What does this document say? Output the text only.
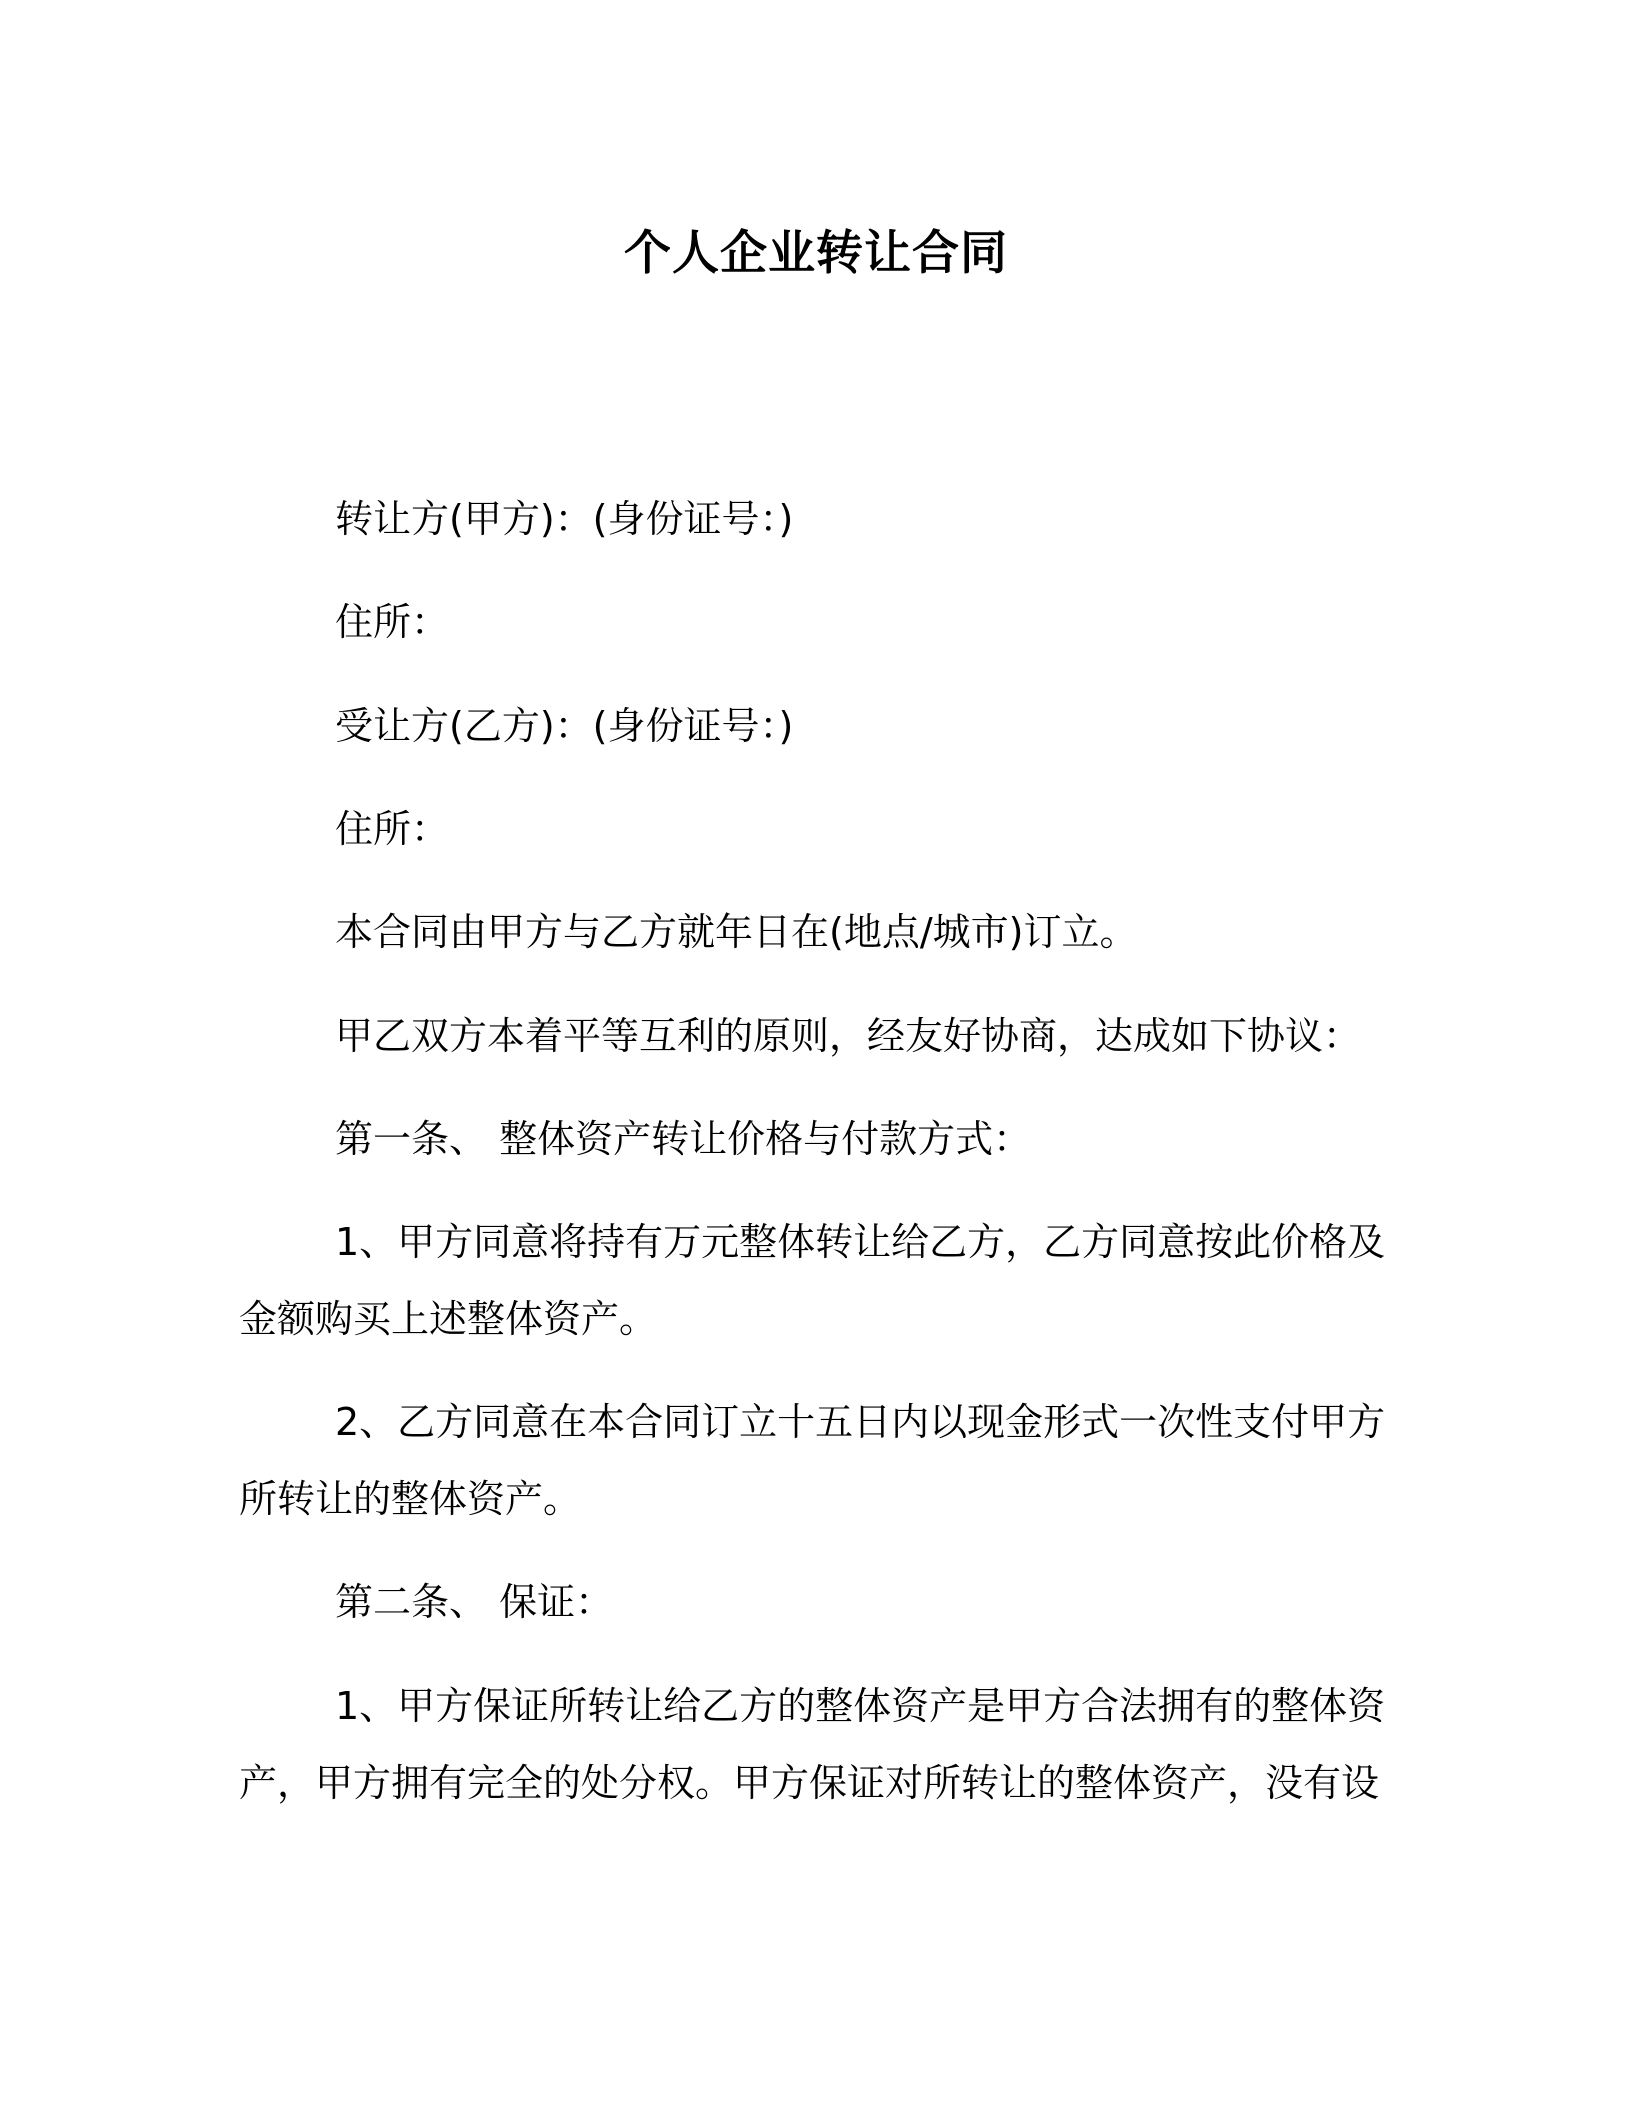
个人企业转让合同

转让方(甲方)：(身份证号：)

住所：

受让方(乙方)：(身份证号：)

住所：

本合同由甲方与乙方就年日在(地点/城市)订立。

甲乙双方本着平等互利的原则，经友好协商，达成如下协议：

第一条、 整体资产转让价格与付款方式：

1、甲方同意将持有万元整体转让给乙方，乙方同意按此价格及

金额购买上述整体资产。

2、乙方同意在本合同订立十五日内以现金形式一次性支付甲方

所转让的整体资产。

第二条、 保证：

1、甲方保证所转让给乙方的整体资产是甲方合法拥有的整体资

产，甲方拥有完全的处分权。甲方保证对所转让的整体资产，没有设
